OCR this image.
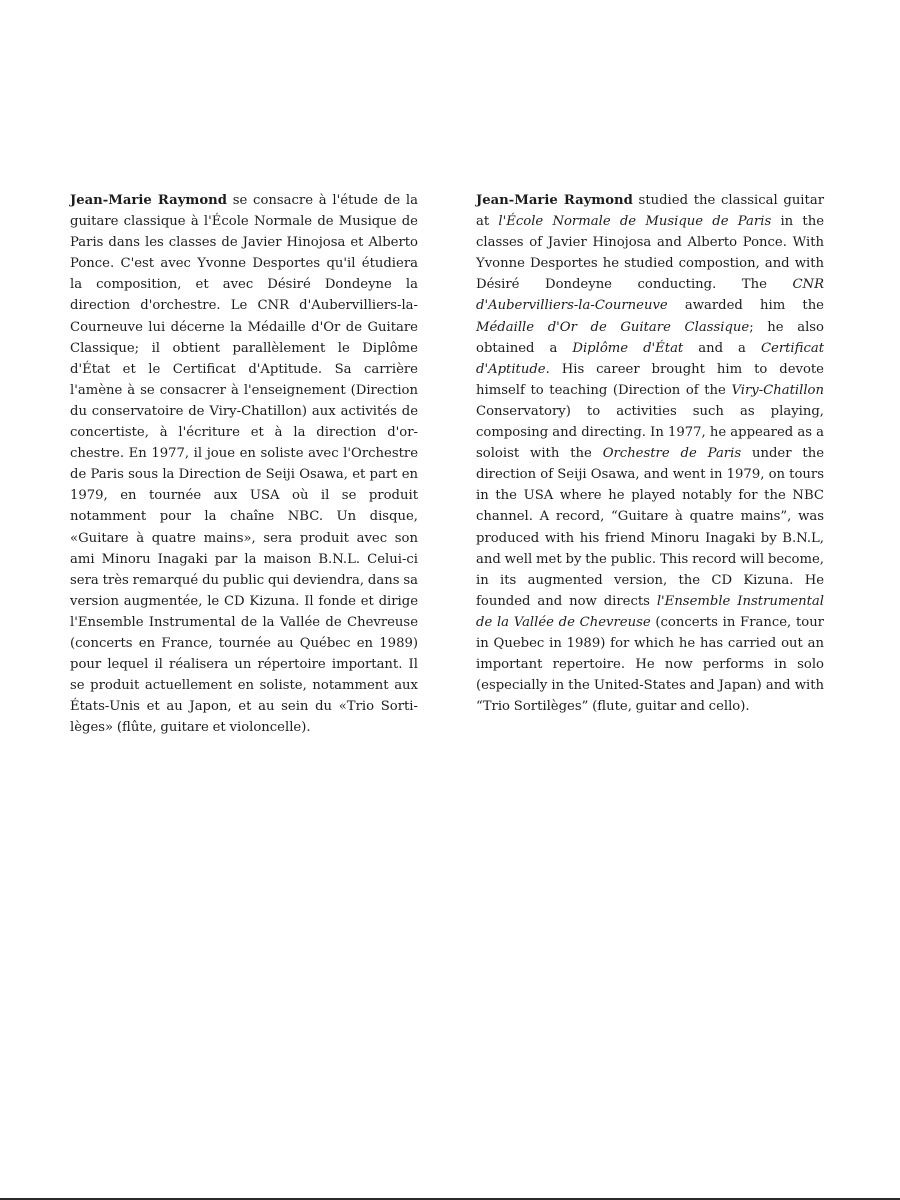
Jean-Marie Raymond se consacre à l'étude de la guitare classique à l'École Normale de Musique de Paris dans les classes de Javier Hinojosa et Alberto Ponce. C'est avec Yvonne Desportes qu'il étudiera la composition, et avec Désiré Dondeyne la direction d'orchestre. Le CNR d'Aubervilliers-la-Courneuve lui décerne la Médaille d'Or de Guitare Classique; il obtient parallèlement le Diplôme d'État et le Certificat d'Aptitude. Sa carrière l'amène à se consacrer à l'enseignement (Direction du conservatoire de Viry-Chatillon) aux activités de concertiste, à l'écriture et à la direction d'orchestre. En 1977, il joue en soliste avec l'Orchestre de Paris sous la Direction de Seiji Osawa, et part en 1979, en tournée aux USA où il se produit notamment pour la chaîne NBC. Un disque, «Guitare à quatre mains», sera produit avec son ami Minoru Inagaki par la maison B.N.L. Celui-ci sera très remarqué du public qui deviendra, dans sa version augmentée, le CD Kizuna. Il fonde et dirige l'Ensemble Instrumental de la Vallée de Chevreuse (concerts en France, tournée au Québec en 1989) pour lequel il réalisera un répertoire important. Il se produit actuellement en soliste, notamment aux États-Unis et au Japon, et au sein du «Trio Sortilèges» (flûte, guitare et violoncelle).

Jean-Marie Raymond studied the classical guitar at l'École Normale de Musique de Paris in the classes of Javier Hinojosa and Alberto Ponce. With Yvonne Desportes he studied compostion, and with Désiré Dondeyne conducting. The CNR d'Aubervilliers-la-Courneuve awarded him the Médaille d'Or de Guitare Classique; he also obtained a Diplôme d'État and a Certificat d'Aptitude. His career brought him to devote himself to teaching (Direction of the Viry-Chatillon Conservatory) to activities such as playing, composing and directing. In 1977, he appeared as a soloist with the Orchestre de Paris under the direction of Seiji Osawa, and went in 1979, on tours in the USA where he played notably for the NBC channel. A record, “Guitare à quatre mains”, was produced with his friend Minoru Inagaki by B.N.L, and well met by the public. This record will become, in its augmented version, the CD Kizuna. He founded and now directs l'Ensemble Instrumental de la Vallée de Chevreuse (concerts in France, tour in Quebec in 1989) for which he has carried out an important repertoire. He now performs in solo (especially in the United-States and Japan) and with “Trio Sortilèges” (flute, guitar and cello).
